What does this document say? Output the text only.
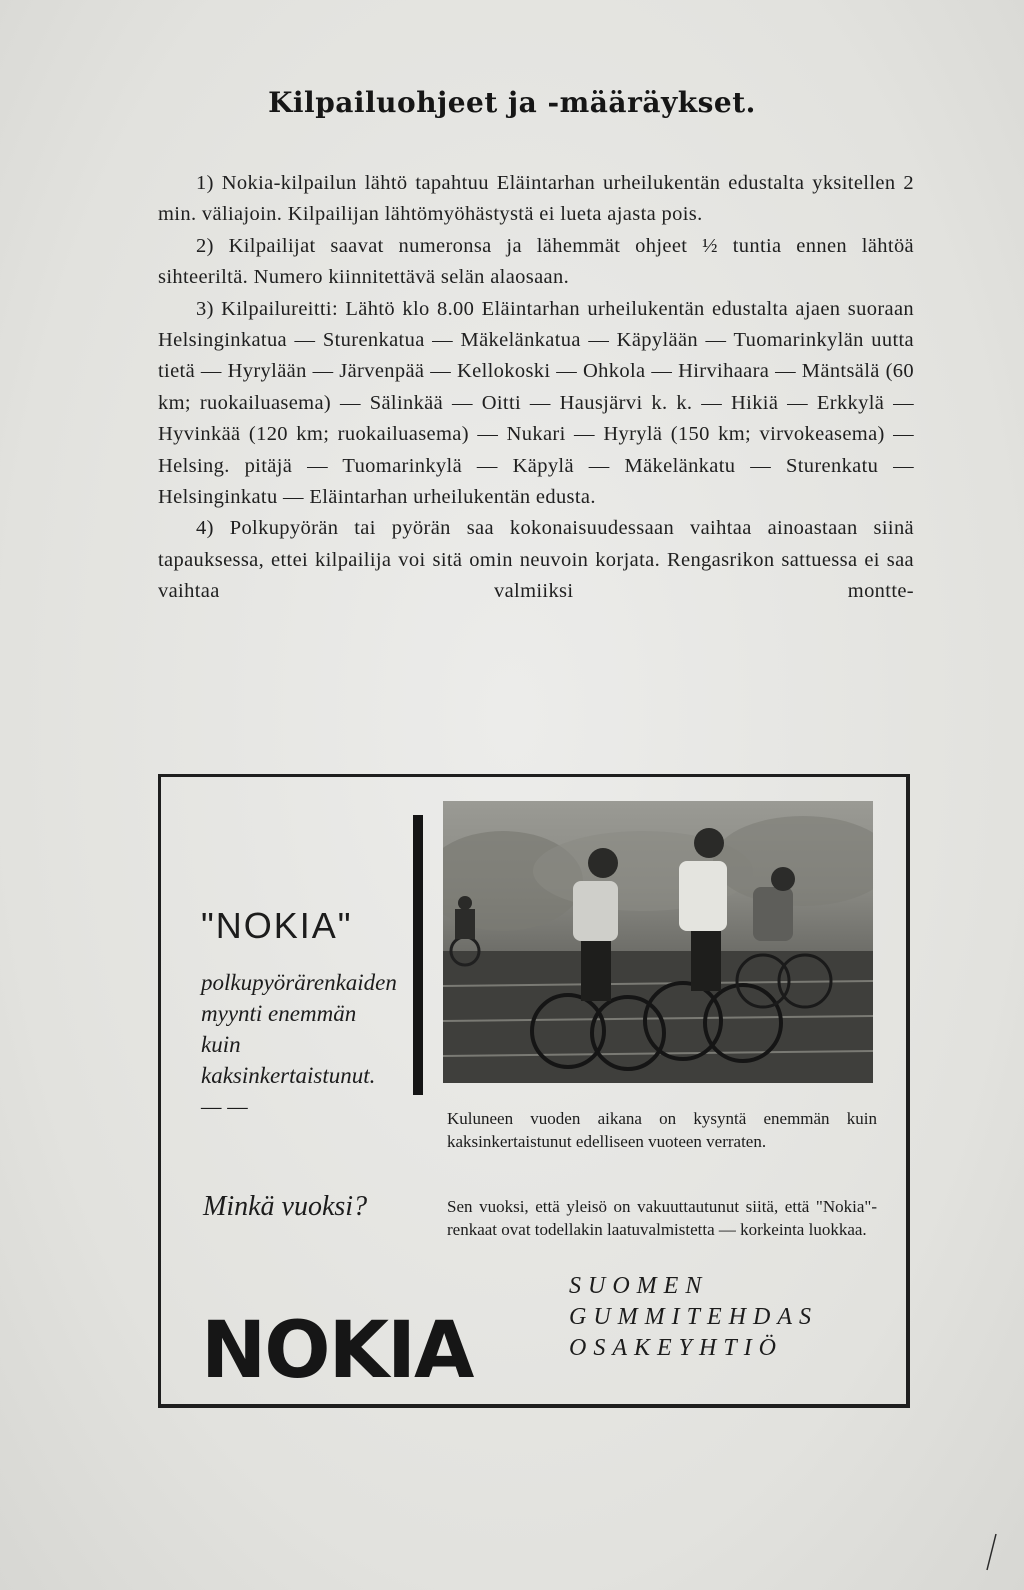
Kilpailuohjeet ja -määräykset.

1) Nokia-kilpailun lähtö tapahtuu Eläintarhan urheilukentän edustalta yksitellen 2 min. väliajoin. Kilpailijan lähtömyöhästystä ei lueta ajasta pois.

2) Kilpailijat saavat numeronsa ja lähemmät ohjeet ½ tuntia ennen lähtöä sihteeriltä. Numero kiinnitettävä selän alaosaan.

3) Kilpailureitti: Lähtö klo 8.00 Eläintarhan urheilukentän edustalta ajaen suoraan Helsinginkatua — Sturenkatua — Mäkelänkatua — Käpylään — Tuomarinkylän uutta tietä — Hyrylään — Järvenpää — Kellokoski — Ohkola — Hirvihaara — Mäntsälä (60 km; ruokailuasema) — Sälinkää — Oitti — Hausjärvi k. k. — Hikiä — Erkkylä — Hyvinkää (120 km; ruokailuasema) — Nukari — Hyrylä (150 km; virvokeasema) — Helsing. pitäjä — Tuomarinkylä — Käpylä — Mäkelänkatu — Sturenkatu — Helsinginkatu — Eläintarhan urheilukentän edusta.

4) Polkupyörän tai pyörän saa kokonaisuudessaan vaihtaa ainoastaan siinä tapauksessa, ettei kilpailija voi sitä omin neuvoin korjata. Rengasrikon sattuessa ei saa vaihtaa valmiiksi montte-

"NOKIA"
polkupyörärenkaiden myynti enemmän kuin kaksinkertaistunut. — —	Kuluneen vuoden aikana on kysyntä enemmän kuin kaksinkertaistunut edelliseen vuoteen verraten.
Minkä vuoksi?	Sen vuoksi, että yleisö on vakuuttautunut siitä, että "Nokia"-renkaat ovat todellakin laatuvalmistetta — korkeinta luokkaa.
NOKIA
SUOMEN
GUMMITEHDAS
OSAKEYHTIÖ
